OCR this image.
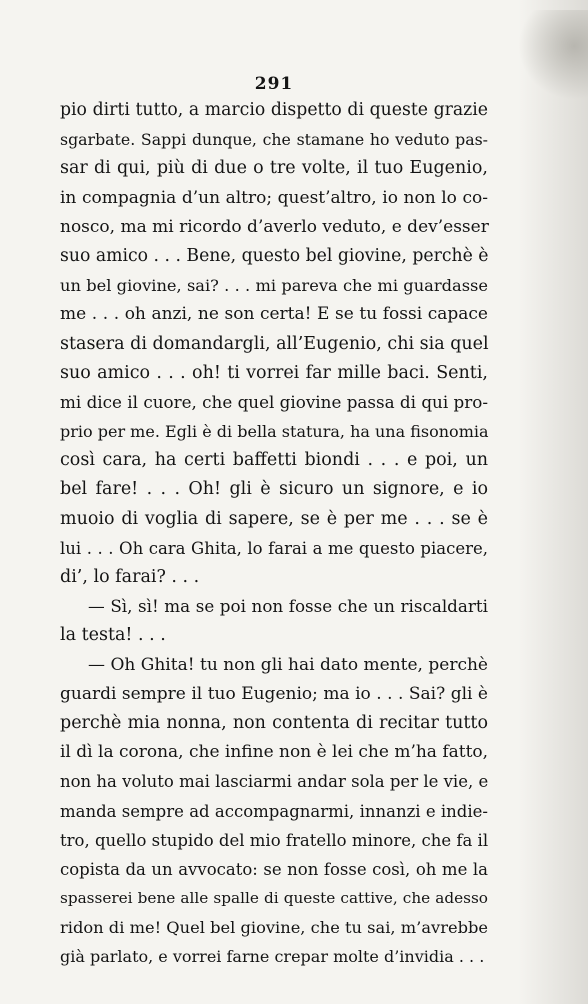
291
pio dirti tutto, a marcio dispetto di queste grazie
sgarbate. Sappi dunque, che stamane ho veduto pas-
sar di qui, più di due o tre volte, il tuo Eugenio,
in compagnia d’un altro; quest’altro, io non lo co-
nosco, ma mi ricordo d’averlo veduto, e dev’esser
suo amico . . . Bene, questo bel giovine, perchè è
un bel giovine, sai? . . . mi pareva che mi guardasse
me . . . oh anzi, ne son certa! E se tu fossi capace
stasera di domandargli, all’Eugenio, chi sia quel
suo amico . . . oh! ti vorrei far mille baci. Senti,
mi dice il cuore, che quel giovine passa di qui pro-
prio per me. Egli è di bella statura, ha una fisonomia
così cara, ha certi baffetti biondi . . . e poi, un
bel fare! . . . Oh! gli è sicuro un signore, e io
muoio di voglia di sapere, se è per me . . . se è
lui . . . Oh cara Ghita, lo farai a me questo piacere,
di’, lo farai? . . .
— Sì, sì! ma se poi non fosse che un riscaldarti
la testa! . . .
— Oh Ghita! tu non gli hai dato mente, perchè
guardi sempre il tuo Eugenio; ma io . . . Sai? gli è
perchè mia nonna, non contenta di recitar tutto
il dì la corona, che infine non è lei che m’ha fatto,
non ha voluto mai lasciarmi andar sola per le vie, e
manda sempre ad accompagnarmi, innanzi e indie-
tro, quello stupido del mio fratello minore, che fa il
copista da un avvocato: se non fosse così, oh me la
spasserei bene alle spalle di queste cattive, che adesso
ridon di me! Quel bel giovine, che tu sai, m’avrebbe
già parlato, e vorrei farne crepar molte d’invidia . . .
